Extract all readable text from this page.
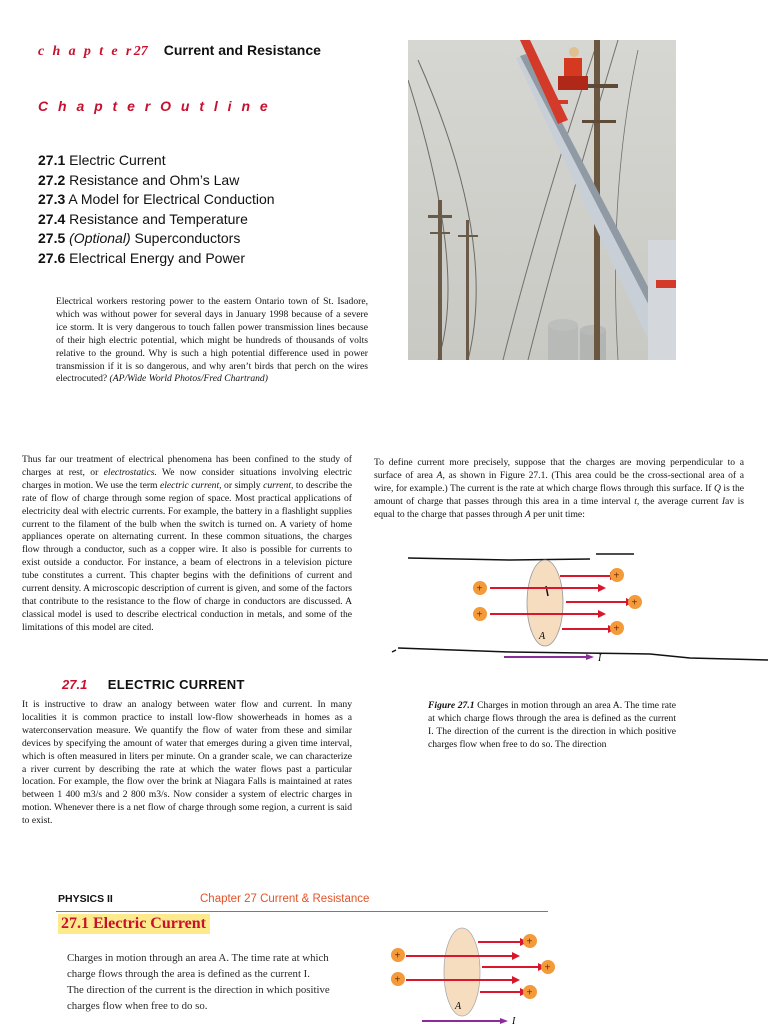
c h a p t e r27 Current and Resistance
C h a p t e r O u t l i n e
27.1 Electric Current
27.2 Resistance and Ohm’s Law
27.3 A Model for Electrical Conduction
27.4 Resistance and Temperature
27.5 (Optional) Superconductors
27.6 Electrical Energy and Power

Electrical workers restoring power to the eastern Ontario town of St. Isadore, which was without power for several days in January 1998 because of a severe ice storm. It is very dangerous to touch fallen power transmission lines because of their high electric potential, which might be hundreds of thousands of volts relative to the ground. Why is such a high potential difference used in power transmission if it is so dangerous, and why aren’t birds that perch on the wires electrocuted? (AP/Wide World Photos/Fred Chartrand)

Thus far our treatment of electrical phenomena has been confined to the study of charges at rest, or electrostatics. We now consider situations involving electric charges in motion. We use the term electric current, or simply current, to describe the rate of flow of charge through some region of space. Most practical applications of electricity deal with electric currents. For example, the battery in a flashlight supplies current to the filament of the bulb when the switch is turned on. A variety of home appliances operate on alternating current. In these common situations, the charges flow through a conductor, such as a copper wire. It also is possible for currents to exist outside a conductor. For instance, a beam of electrons in a television picture tube constitutes a current. This chapter begins with the definitions of current and current density. A microscopic description of current is given, and some of the factors that contribute to the resistance to the flow of charge in conductors are discussed. A classical model is used to describe electrical conduction in metals, and some of the limitations of this model are cited.

To define current more precisely, suppose that the charges are moving perpendicular to a surface of area A, as shown in Figure 27.1. (This area could be the cross-sectional area of a wire, for example.) The current is the rate at which charge flows through this surface. If Q is the amount of charge that passes through this area in a time interval t, the average current Iav is equal to the charge that passes through A per unit time:

A
+
+
+
+
+
I
27.1 ELECTRIC CURRENT

It is instructive to draw an analogy between water flow and current. In many localities it is common practice to install low-flow showerheads in homes as a waterconservation measure. We quantify the flow of water from these and similar devices by specifying the amount of water that emerges during a given time interval, which is often measured in liters per minute. On a grander scale, we can characterize a river current by describing the rate at which the water flows past a particular location. For example, the flow over the brink at Niagara Falls is maintained at rates between 1 400 m3/s and 2 800 m3/s. Now consider a system of electric charges in motion. Whenever there is a net flow of charge through some region, a current is said to exist.

Figure 27.1 Charges in motion through an area A. The time rate at which charge flows through the area is defined as the current I. The direction of the current is the direction in which positive charges flow when free to do so. The direction
PHYSICS II	Chapter 27 Current & Resistance
27.1 Electric Current
Charges in motion through an area A. The time rate at which
charge flows through the area is defined as the current I.
The direction of the current is the direction in which positive
charges flow when free to do so.	A
+
+
+
+
+
I
